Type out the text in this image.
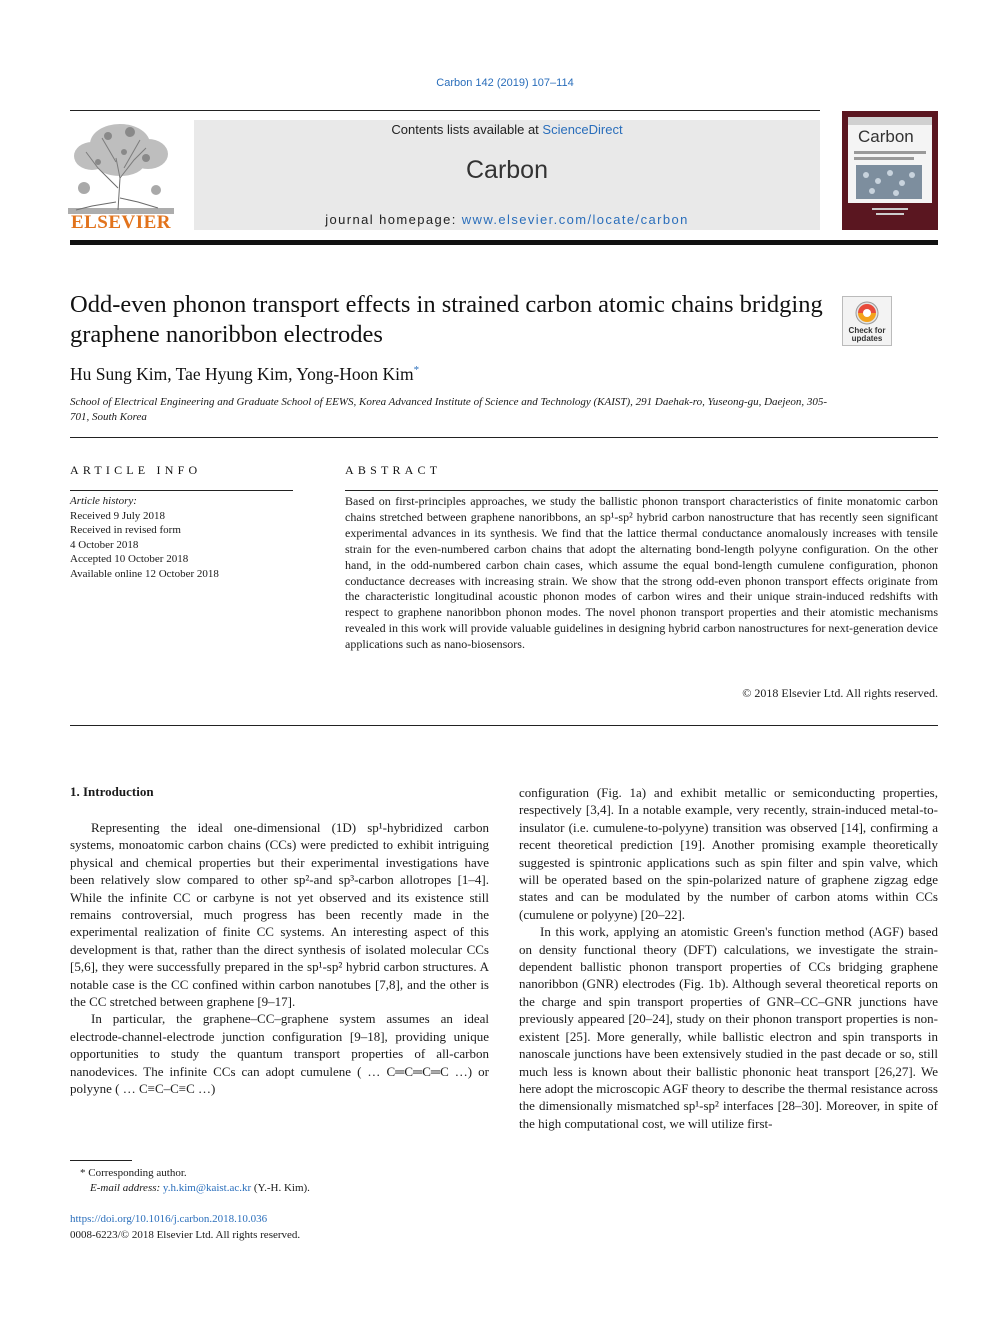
Carbon 142 (2019) 107–114
ELSEVIER
Contents lists available at ScienceDirect
Carbon
journal homepage: www.elsevier.com/locate/carbon
Carbon
Odd-even phonon transport effects in strained carbon atomic chains bridging graphene nanoribbon electrodes	Check for
updates
Hu Sung Kim, Tae Hyung Kim, Yong-Hoon Kim*
School of Electrical Engineering and Graduate School of EEWS, Korea Advanced Institute of Science and Technology (KAIST), 291 Daehak-ro, Yuseong-gu, Daejeon, 305-701, South Korea
ARTICLE INFO	ABSTRACT
Article history:
Received 9 July 2018
Received in revised form
4 October 2018
Accepted 10 October 2018
Available online 12 October 2018
Based on first-principles approaches, we study the ballistic phonon transport characteristics of finite monatomic carbon chains stretched between graphene nanoribbons, an sp¹-sp² hybrid carbon nanostructure that has recently seen significant experimental advances in its synthesis. We find that the lattice thermal conductance anomalously increases with tensile strain for the even-numbered carbon chains that adopt the alternating bond-length polyyne configuration. On the other hand, in the odd-numbered carbon chain cases, which assume the equal bond-length cumulene configuration, phonon conductance decreases with increasing strain. We show that the strong odd-even phonon transport effects originate from the characteristic longitudinal acoustic phonon modes of carbon wires and their unique strain-induced redshifts with respect to graphene nanoribbon phonon modes. The novel phonon transport properties and their atomistic mechanisms revealed in this work will provide valuable guidelines in designing hybrid carbon nanostructures for next-generation device applications such as nano-biosensors.
© 2018 Elsevier Ltd. All rights reserved.
1. Introduction

Representing the ideal one-dimensional (1D) sp¹-hybridized carbon systems, monoatomic carbon chains (CCs) were predicted to exhibit intriguing physical and chemical properties but their experimental investigations have been relatively slow compared to other sp²-and sp³-carbon allotropes [1–4]. While the infinite CC or carbyne is not yet observed and its existence still remains controversial, much progress has been recently made in the experimental realization of finite CC systems. An interesting aspect of this development is that, rather than the direct synthesis of isolated molecular CCs [5,6], they were successfully prepared in the sp¹-sp² hybrid carbon structures. A notable case is the CC confined within carbon nanotubes [7,8], and the other is the CC stretched between graphene [9–17].

In particular, the graphene–CC–graphene system assumes an ideal electrode-channel-electrode junction configuration [9–18], providing unique opportunities to study the quantum transport properties of all-carbon nanodevices. The infinite CCs can adopt cumulene ( … C═C═C═C …) or polyyne ( … C≡C–C≡C …)

configuration (Fig. 1a) and exhibit metallic or semiconducting properties, respectively [3,4]. In a notable example, very recently, strain-induced metal-to-insulator (i.e. cumulene-to-polyyne) transition was observed [14], confirming a recent theoretical prediction [19]. Another promising example theoretically suggested is spintronic applications such as spin filter and spin valve, which will be operated based on the spin-polarized nature of graphene zigzag edge states and can be modulated by the number of carbon atoms within CCs (cumulene or polyyne) [20–22].

In this work, applying an atomistic Green's function method (AGF) based on density functional theory (DFT) calculations, we investigate the strain-dependent ballistic phonon transport properties of CCs bridging graphene nanoribbon (GNR) electrodes (Fig. 1b). Although several theoretical reports on the charge and spin transport properties of GNR–CC–GNR junctions have previously appeared [20–24], study on their phonon transport properties is non-existent [25]. More generally, while ballistic electron and spin transports in nanoscale junctions have been extensively studied in the past decade or so, still much less is known about their ballistic phononic heat transport [26,27]. We here adopt the microscopic AGF theory to describe the thermal resistance across the dimensionally mismatched sp¹-sp² interfaces [28–30]. Moreover, in spite of the high computational cost, we will utilize first-

* Corresponding author.
E-mail address: y.h.kim@kaist.ac.kr (Y.-H. Kim).
https://doi.org/10.1016/j.carbon.2018.10.036
0008-6223/© 2018 Elsevier Ltd. All rights reserved.
